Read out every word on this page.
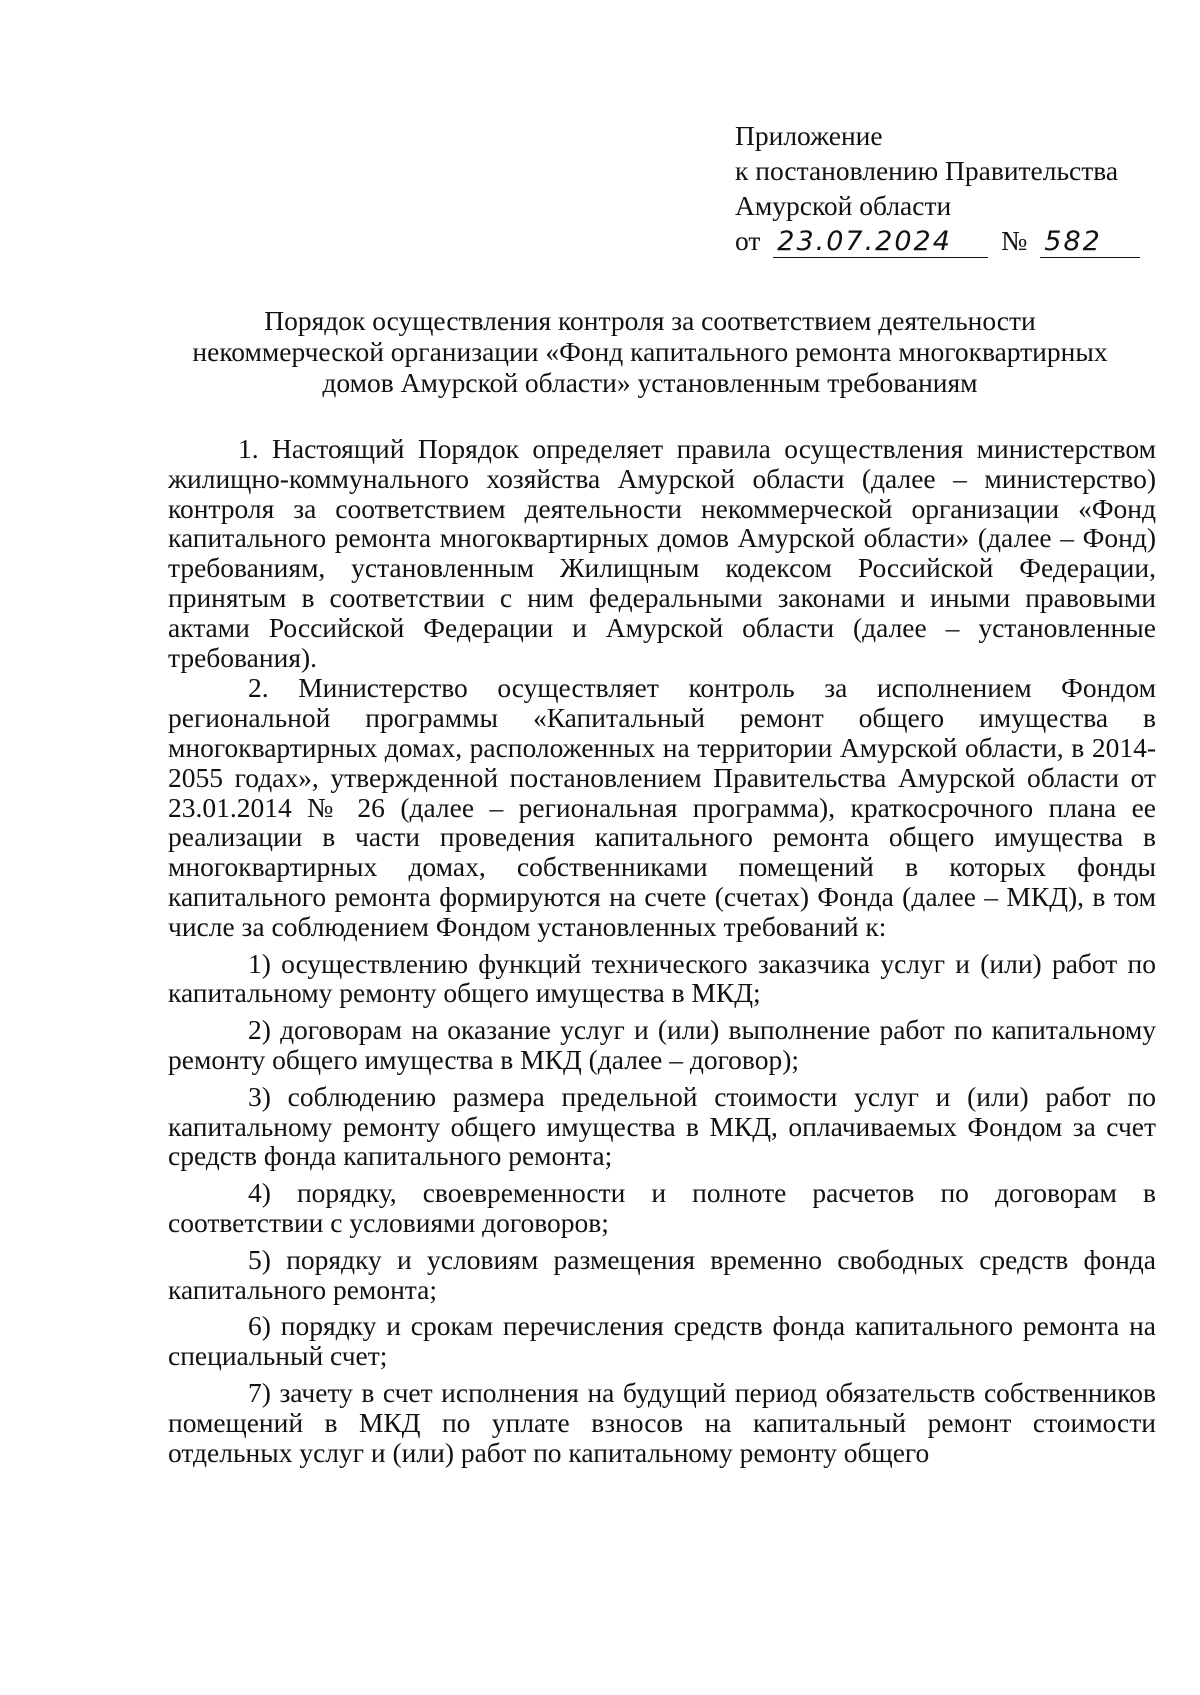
Приложение
к постановлению Правительства
Амурской области
от 23.07.2024 № 582
Порядок осуществления контроля за соответствием деятельности
некоммерческой организации «Фонд капитального ремонта многоквартирных
домов Амурской области» установленным требованиям

1. Настоящий Порядок определяет правила осуществления министерством жилищно-коммунального хозяйства Амурской области (далее – министерство) контроля за соответствием деятельности некоммерческой организации «Фонд капитального ремонта многоквартирных домов Амурской области» (далее – Фонд) требованиям, установленным Жилищным кодексом Российской Федерации, принятым в соответствии с ним федеральными законами и иными правовыми актами Российской Федерации и Амурской области (далее – установленные требования).

2. Министерство осуществляет контроль за исполнением Фондом региональной программы «Капитальный ремонт общего имущества в многоквартирных домах, расположенных на территории Амурской области, в 2014-2055 годах», утвержденной постановлением Правительства Амурской области от 23.01.2014 № 26 (далее – региональная программа), краткосрочного плана ее реализации в части проведения капитального ремонта общего имущества в многоквартирных домах, собственниками помещений в которых фонды капитального ремонта формируются на счете (счетах) Фонда (далее – МКД), в том числе за соблюдением Фондом установленных требований к:

1) осуществлению функций технического заказчика услуг и (или) работ по капитальному ремонту общего имущества в МКД;

2) договорам на оказание услуг и (или) выполнение работ по капитальному ремонту общего имущества в МКД (далее – договор);

3) соблюдению размера предельной стоимости услуг и (или) работ по капитальному ремонту общего имущества в МКД, оплачиваемых Фондом за счет средств фонда капитального ремонта;

4) порядку, своевременности и полноте расчетов по договорам в соответствии с условиями договоров;

5) порядку и условиям размещения временно свободных средств фонда капитального ремонта;

6) порядку и срокам перечисления средств фонда капитального ремонта на специальный счет;

7) зачету в счет исполнения на будущий период обязательств собственников помещений в МКД по уплате взносов на капитальный ремонт стоимости отдельных услуг и (или) работ по капитальному ремонту общего
